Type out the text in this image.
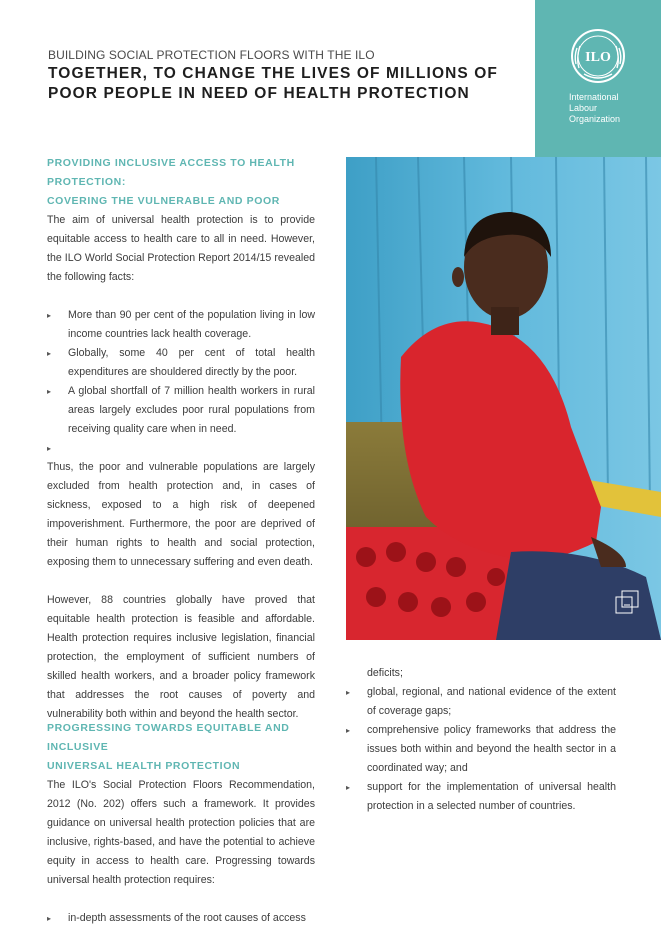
BUILDING SOCIAL PROTECTION FLOORS WITH THE ILO
TOGETHER, TO CHANGE THE LIVES OF MILLIONS OF
POOR PEOPLE IN NEED OF HEALTH PROTECTION
ILO
International
Labour
Organization
PROVIDING INCLUSIVE ACCESS TO HEALTH PROTECTION:
COVERING THE VULNERABLE AND POOR

The aim of universal health protection is to provide equitable access to health care to all in need. However, the ILO World Social Protection Report 2014/15 revealed the following facts:

▸ More than 90 per cent of the population living in low income countries lack health coverage.
▸ Globally, some 40 per cent of total health expenditures are shouldered directly by the poor.
▸ A global shortfall of 7 million health workers in rural areas largely excludes poor rural populations from receiving quality care when in need.
▸

Thus, the poor and vulnerable populations are largely excluded from health protection and, in cases of sickness, exposed to a high risk of deepened impoverishment. Furthermore, the poor are deprived of their human rights to health and social protection, exposing them to unnecessary suffering and even death.

However, 88 countries globally have proved that equitable health protection is feasible and affordable. Health protection requires inclusive legislation, financial protection, the employment of sufficient numbers of skilled health workers, and a broader policy framework that addresses the root causes of poverty and vulnerability both within and beyond the health sector.

PROGRESSING TOWARDS EQUITABLE AND INCLUSIVE
UNIVERSAL HEALTH PROTECTION

The ILO's Social Protection Floors Recommendation, 2012 (No. 202) offers such a framework. It provides guidance on universal health protection policies that are inclusive, rights-based, and have the potential to achieve equity in access to health care. Progressing towards universal health protection requires:

▸ in-depth assessments of the root causes of access
deficits;
▸ global, regional, and national evidence of the extent of coverage gaps;
▸ comprehensive policy frameworks that address the issues both within and beyond the health sector in a coordinated way; and
▸ support for the implementation of universal health protection in a selected number of countries.
